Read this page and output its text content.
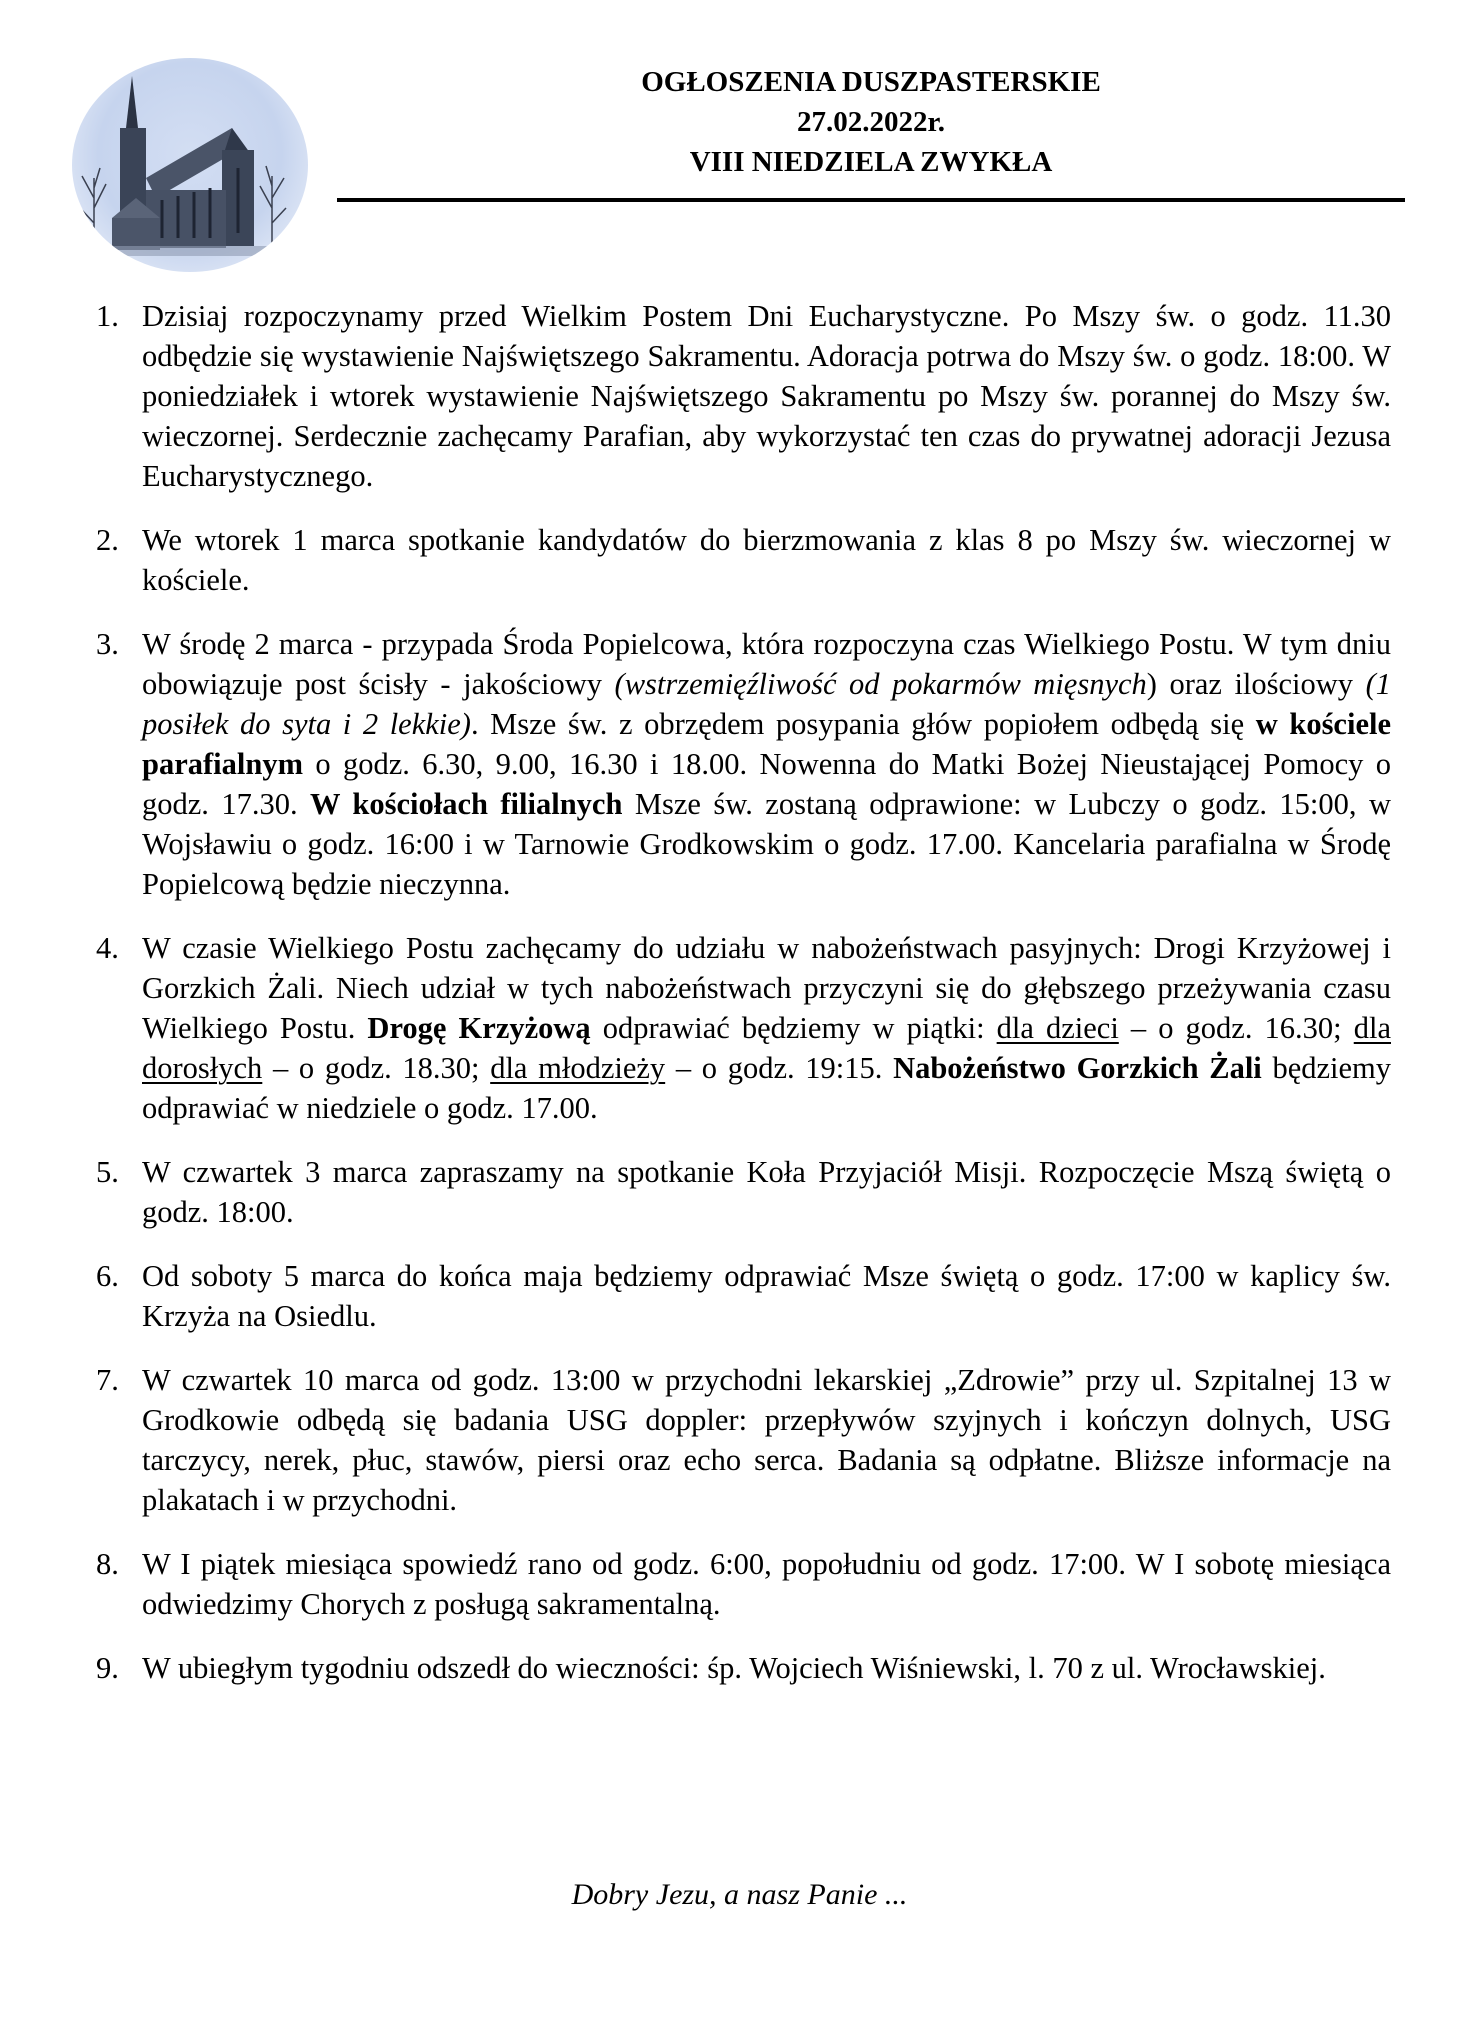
OGŁOSZENIA DUSZPASTERSKIE
27.02.2022r.
VIII NIEDZIELA ZWYKŁA
1. Dzisiaj rozpoczynamy przed Wielkim Postem Dni Eucharystyczne. Po Mszy św. o godz. 11.30 odbędzie się wystawienie Najświętszego Sakramentu. Adoracja potrwa do Mszy św. o godz. 18:00. W poniedziałek i wtorek wystawienie Najświętszego Sakramentu po Mszy św. porannej do Mszy św. wieczornej. Serdecznie zachęcamy Parafian, aby wykorzystać ten czas do prywatnej adoracji Jezusa Eucharystycznego.
2. We wtorek 1 marca spotkanie kandydatów do bierzmowania z klas 8 po Mszy św. wieczornej w kościele.
3. W środę 2 marca - przypada Środa Popielcowa, która rozpoczyna czas Wielkiego Postu. W tym dniu obowiązuje post ścisły - jakościowy (wstrzemięźliwość od pokarmów mięsnych) oraz ilościowy (1 posiłek do syta i 2 lekkie). Msze św. z obrzędem posypania głów popiołem odbędą się w kościele parafialnym o godz. 6.30, 9.00, 16.30 i 18.00. Nowenna do Matki Bożej Nieustającej Pomocy o godz. 17.30. W kościołach filialnych Msze św. zostaną odprawione: w Lubczy o godz. 15:00, w Wojsławiu o godz. 16:00 i w Tarnowie Grodkowskim o godz. 17.00. Kancelaria parafialna w Środę Popielcową będzie nieczynna.
4. W czasie Wielkiego Postu zachęcamy do udziału w nabożeństwach pasyjnych: Drogi Krzyżowej i Gorzkich Żali. Niech udział w tych nabożeństwach przyczyni się do głębszego przeżywania czasu Wielkiego Postu. Drogę Krzyżową odprawiać będziemy w piątki: dla dzieci – o godz. 16.30; dla dorosłych – o godz. 18.30; dla młodzieży – o godz. 19:15. Nabożeństwo Gorzkich Żali będziemy odprawiać w niedziele o godz. 17.00.
5. W czwartek 3 marca zapraszamy na spotkanie Koła Przyjaciół Misji. Rozpoczęcie Mszą świętą o godz. 18:00.
6. Od soboty 5 marca do końca maja będziemy odprawiać Msze świętą o godz. 17:00 w kaplicy św. Krzyża na Osiedlu.
7. W czwartek 10 marca od godz. 13:00 w przychodni lekarskiej „Zdrowie” przy ul. Szpitalnej 13 w Grodkowie odbędą się badania USG doppler: przepływów szyjnych i kończyn dolnych, USG tarczycy, nerek, płuc, stawów, piersi oraz echo serca. Badania są odpłatne. Bliższe informacje na plakatach i w przychodni.
8. W I piątek miesiąca spowiedź rano od godz. 6:00, popołudniu od godz. 17:00. W I sobotę miesiąca odwiedzimy Chorych z posługą sakramentalną.
9. W ubiegłym tygodniu odszedł do wieczności: śp. Wojciech Wiśniewski, l. 70 z ul. Wrocławskiej.
Dobry Jezu, a nasz Panie ...
